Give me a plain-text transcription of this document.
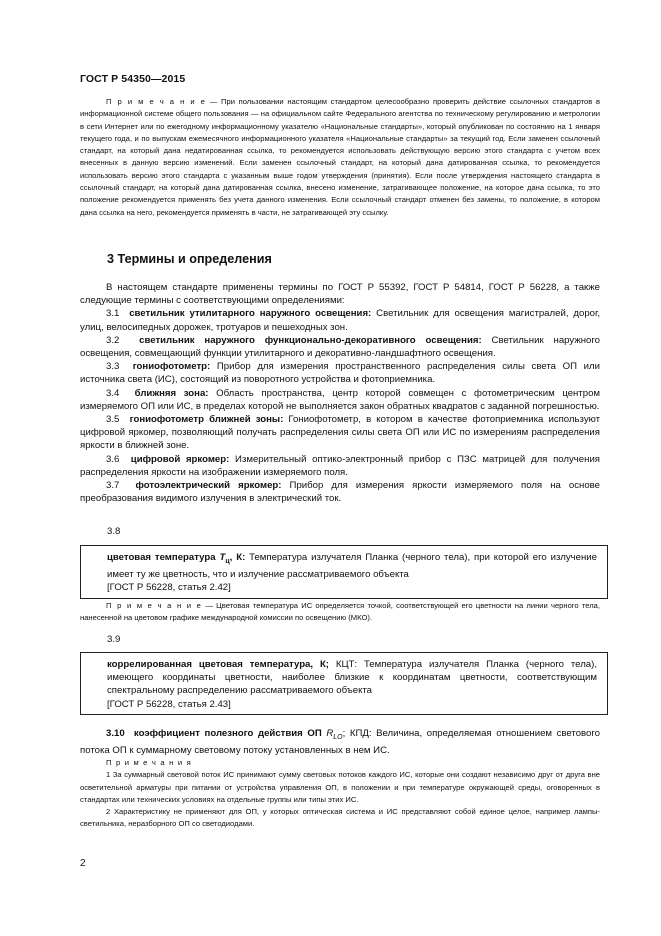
ГОСТ Р 54350—2015

П р и м е ч а н и е — При пользовании настоящим стандартом целесообразно проверить действие ссылочных стандартов в информационной системе общего пользования — на официальном сайте Федерального агентства по техническому регулированию и метрологии в сети Интернет или по ежегодному информационному указателю «Национальные стандарты», который опубликован по состоянию на 1 января текущего года, и по выпускам ежемесячного информационного указателя «Национальные стандарты» за текущий год. Если заменен ссылочный стандарт, на который дана недатированная ссылка, то рекомендуется использовать действующую версию этого стандарта с учетом всех внесенных в данную версию изменений. Если заменен ссылочный стандарт, на который дана датированная ссылка, то рекомендуется использовать версию этого стандарта с указанным выше годом утверждения (принятия). Если после утверждения настоящего стандарта в ссылочный стандарт, на который дана датированная ссылка, внесено изменение, затрагивающее положение, на которое дана ссылка, то это положение рекомендуется применять без учета данного изменения. Если ссылочный стандарт отменен без замены, то положение, в котором дана ссылка на него, рекомендуется применять в части, не затрагивающей эту ссылку.

3 Термины и определения

В настоящем стандарте применены термины по ГОСТ Р 55392, ГОСТ Р 54814, ГОСТ Р 56228, а также следующие термины с соответствующими определениями:

3.1 светильник утилитарного наружного освещения: Светильник для освещения магистралей, дорог, улиц, велосипедных дорожек, тротуаров и пешеходных зон.

3.2 светильник наружного функционально-декоративного освещения: Светильник наружного освещения, совмещающий функции утилитарного и декоративно-ландшафтного освещения.

3.3 гониофотометр: Прибор для измерения пространственного распределения силы света ОП или источника света (ИС), состоящий из поворотного устройства и фотоприемника.

3.4 ближняя зона: Область пространства, центр которой совмещен с фотометрическим центром измеряемого ОП или ИС, в пределах которой не выполняется закон обратных квадратов с заданной погрешностью.

3.5 гониофотометр ближней зоны: Гониофотометр, в котором в качестве фотоприемника используют цифровой яркомер, позволяющий получать распределения силы света ОП или ИС по измерениям распределения яркости в ближней зоне.

3.6 цифровой яркомер: Измерительный оптико-электронный прибор с ПЗС матрицей для получения распределения яркости на изображении измеряемого поля.

3.7 фотоэлектрический яркомер: Прибор для измерения яркости измеряемого поля на основе преобразования видимого излучения в электрический ток.

3.8

цветовая температура $T_ц$, К: Температура излучателя Планка (черного тела), при которой его излучение имеет ту же цветность, что и излучение рассматриваемого объекта

[ГОСТ Р 56228, статья 2.42]

П р и м е ч а н и е — Цветовая температура ИС определяется точкой, соответствующей его цветности на линии черного тела, нанесенной на цветовом графике международной комиссии по освещению (МКО).

3.9

коррелированная цветовая температура, К; КЦТ: Температура излучателя Планка (черного тела), имеющего координаты цветности, наиболее близкие к координатам цветности, соответствующим спектральному распределению рассматриваемого объекта

[ГОСТ Р 56228, статья 2.43]

3.10 коэффициент полезного действия ОП $R_{LO}$; КПД: Величина, определяемая отношением светового потока ОП к суммарному световому потоку установленных в нем ИС.

П р и м е ч а н и я

1 За суммарный световой поток ИС принимают сумму световых потоков каждого ИС, которые они создают независимо друг от друга вне осветительной арматуры при питании от устройства управления ОП, в положении и при температуре окружающей среды, оговоренных в стандартах или технических условиях на отдельные группы или типы этих ИС.

2 Характеристику не применяют для ОП, у которых оптическая система и ИС представляют собой единое целое, например лампы-светильника, неразборного ОП со светодиодами.

2
